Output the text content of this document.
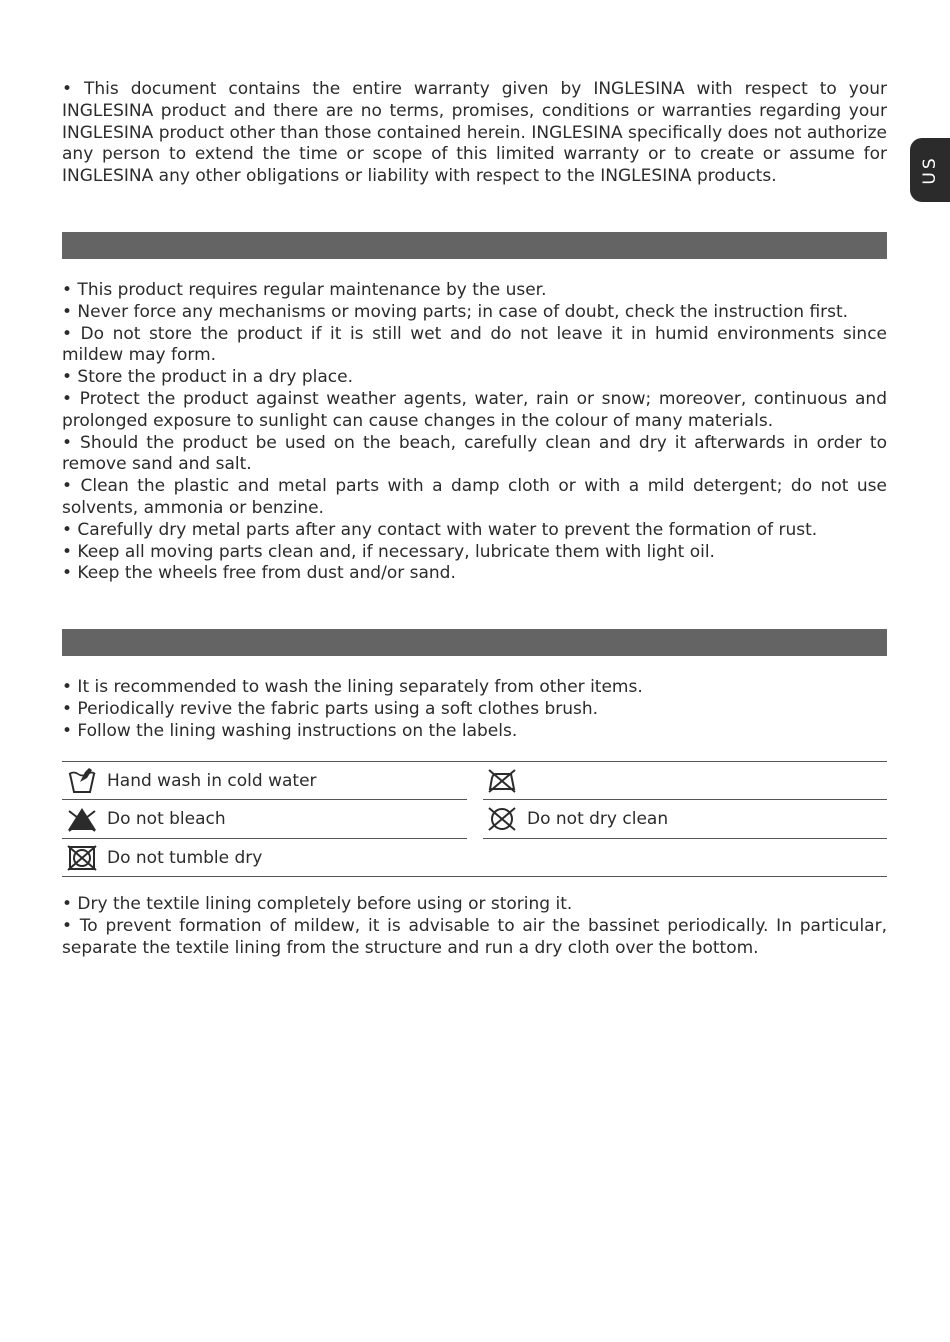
US

• This document contains the entire warranty given by INGLESINA with respect to your INGLESINA product and there are no terms, promises, conditions or warranties regarding your INGLESINA product other than those contained herein. INGLESINA specifically does not authorize any person to extend the time or scope of this limited warranty or to create or assume for INGLESINA any other obligations or liability with respect to the INGLESINA products.

• This product requires regular maintenance by the user.

• Never force any mechanisms or moving parts; in case of doubt, check the instruction first.

• Do not store the product if it is still wet and do not leave it in humid environments since mildew may form.

• Store the product in a dry place.

• Protect the product against weather agents, water, rain or snow; moreover, continuous and prolonged exposure to sunlight can cause changes in the colour of many materials.

• Should the product be used on the beach, carefully clean and dry it afterwards in order to remove sand and salt.

• Clean the plastic and metal parts with a damp cloth or with a mild detergent; do not use solvents, ammonia or benzine.

• Carefully dry metal parts after any contact with water to prevent the formation of rust.

• Keep all moving parts clean and, if necessary, lubricate them with light oil.

• Keep the wheels free from dust and/or sand.

• It is recommended to wash the lining separately from other items.

• Periodically revive the fabric parts using a soft clothes brush.

• Follow the lining washing instructions on the labels.

Hand wash in cold water
Do not bleach	Do not dry clean
Do not tumble dry

• Dry the textile lining completely before using or storing it.

• To prevent formation of mildew, it is advisable to air the bassinet periodically. In particular, separate the textile lining from the structure and run a dry cloth over the bottom.
